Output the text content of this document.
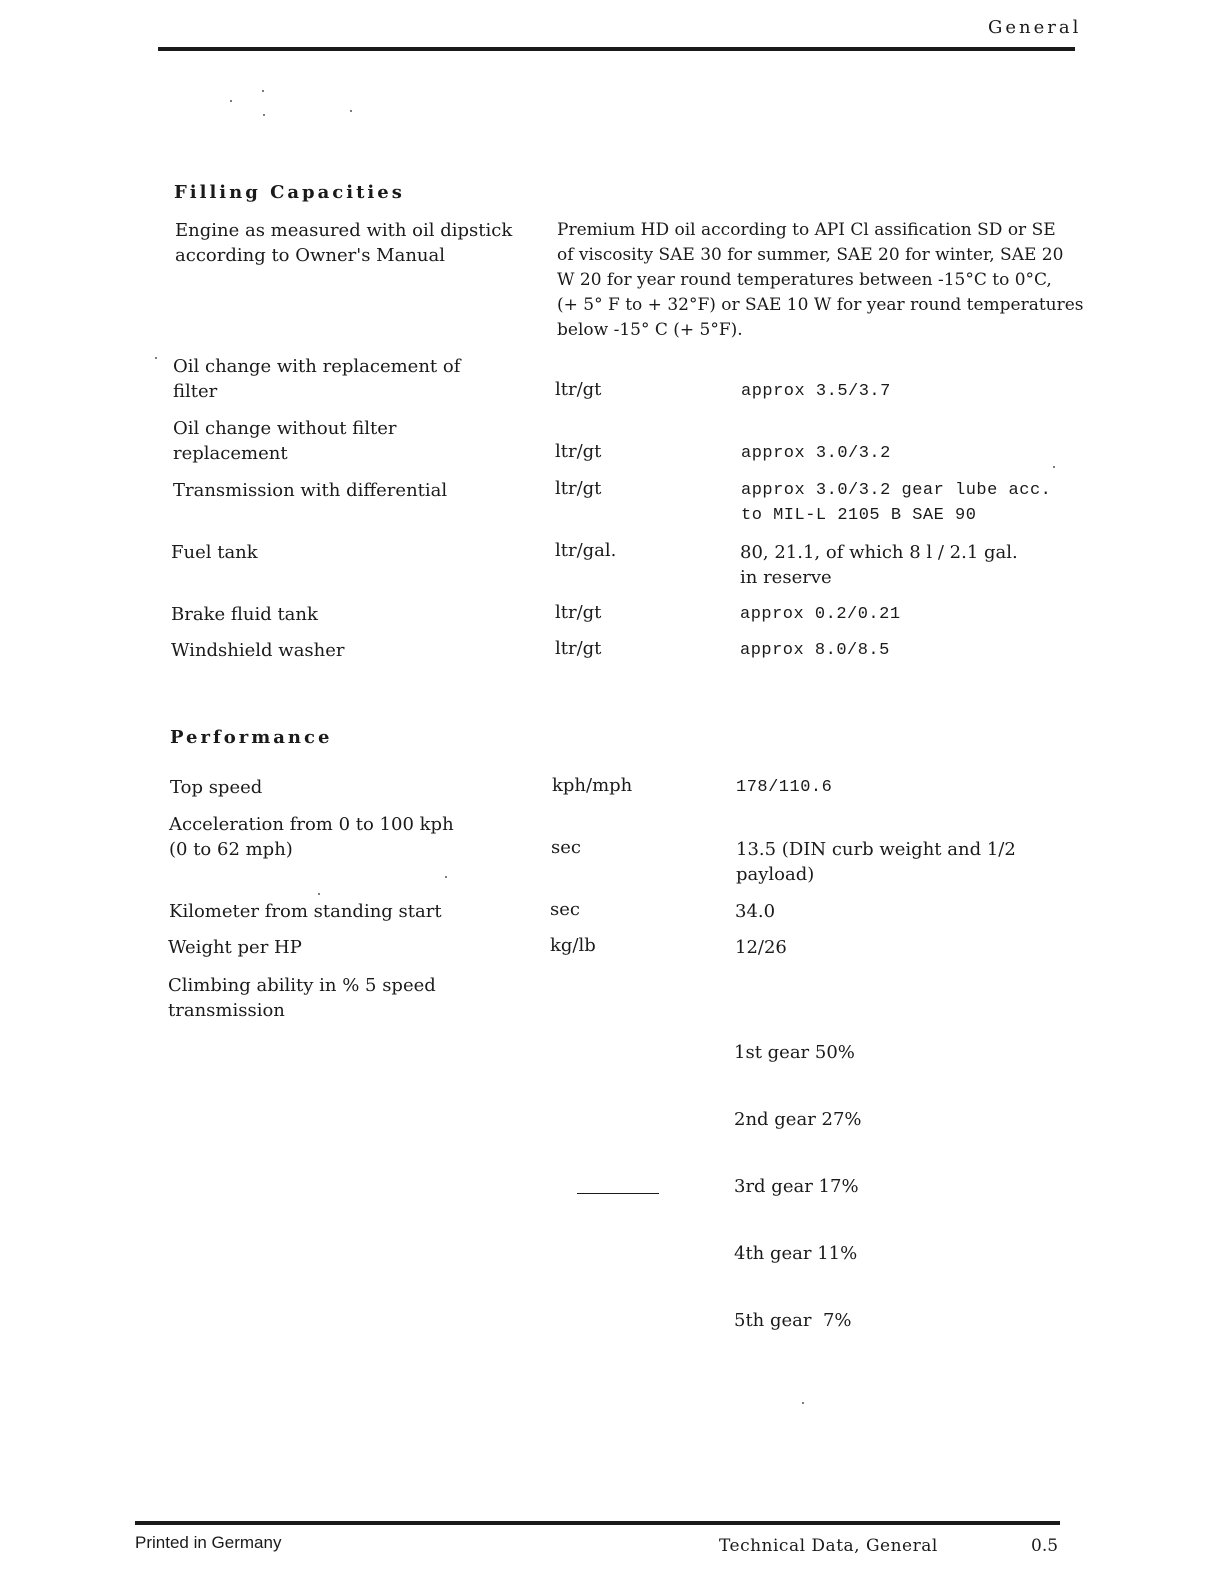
General
Filling Capacities
Engine as measured with oil dipstick
according to Owner's Manual
Premium HD oil according to API Cl assification SD or SE
of viscosity SAE 30 for summer, SAE 20 for winter, SAE 20
W 20 for year round temperatures between -15°C to 0°C,
(+ 5° F to + 32°F) or SAE 10 W for year round temperatures
below -15° C (+ 5°F).
Oil change with replacement of
filter	ltr/gt	approx 3.5/3.7
Oil change without filter
replacement	ltr/gt	approx 3.0/3.2
Transmission with differential	ltr/gt	approx 3.0/3.2 gear lube acc.
to MIL-L 2105 B SAE 90
Fuel tank	ltr/gal.	80, 21.1, of which 8 l / 2.1 gal.
in reserve
Brake fluid tank	ltr/gt	approx 0.2/0.21
Windshield washer	ltr/gt	approx 8.0/8.5
Performance
Top speed	kph/mph	178/110.6
Acceleration from 0 to 100 kph
(0 to 62 mph)	sec	13.5 (DIN curb weight and 1/2
payload)
Kilometer from standing start	sec	34.0
Weight per HP	kg/lb	12/26
Climbing ability in % 5 speed
transmission

1st gear 50%

2nd gear 27%

3rd gear 17%

4th gear 11%

5th gear  7%

Printed in Germany	Technical Data, General	0.5
